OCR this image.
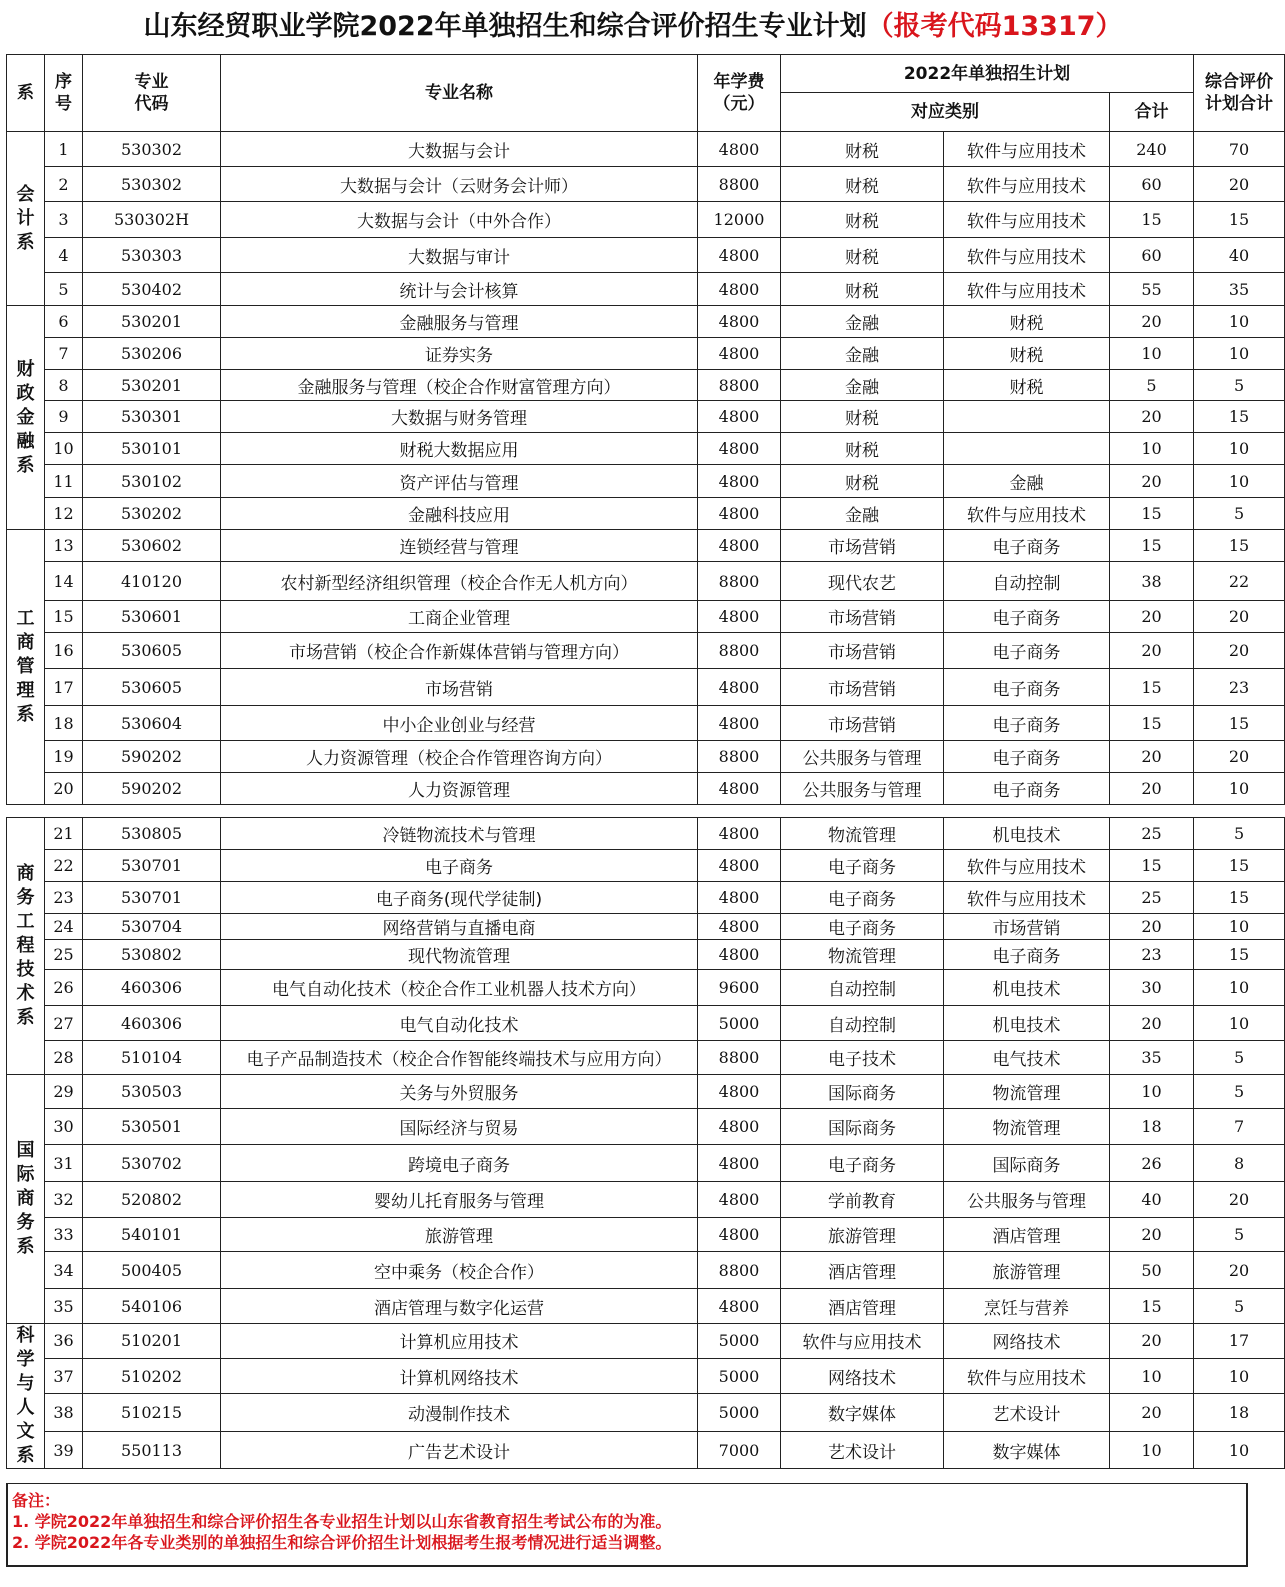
山东经贸职业学院2022年单独招生和综合评价招生专业计划（报考代码13317）
系	序号	专业代码	专业名称	年学费（元）	2022年单独招生计划			综合评价计划合计
					对应类别		合计	
会计系	1	530302	大数据与会计	4800	财税	软件与应用技术	240	70
	2	530302	大数据与会计（云财务会计师）	8800	财税	软件与应用技术	60	20
	3	530302H	大数据与会计（中外合作）	12000	财税	软件与应用技术	15	15
	4	530303	大数据与审计	4800	财税	软件与应用技术	60	40
	5	530402	统计与会计核算	4800	财税	软件与应用技术	55	35
财政金融系	6	530201	金融服务与管理	4800	金融	财税	20	10
	7	530206	证券实务	4800	金融	财税	10	10
	8	530201	金融服务与管理（校企合作财富管理方向）	8800	金融	财税	5	5
	9	530301	大数据与财务管理	4800	财税		20	15
	10	530101	财税大数据应用	4800	财税		10	10
	11	530102	资产评估与管理	4800	财税	金融	20	10
	12	530202	金融科技应用	4800	金融	软件与应用技术	15	5
工商管理系	13	530602	连锁经营与管理	4800	市场营销	电子商务	15	15
	14	410120	农村新型经济组织管理（校企合作无人机方向）	8800	现代农艺	自动控制	38	22
	15	530601	工商企业管理	4800	市场营销	电子商务	20	20
	16	530605	市场营销（校企合作新媒体营销与管理方向）	8800	市场营销	电子商务	20	20
	17	530605	市场营销	4800	市场营销	电子商务	15	23
	18	530604	中小企业创业与经营	4800	市场营销	电子商务	15	15
	19	590202	人力资源管理（校企合作管理咨询方向）	8800	公共服务与管理	电子商务	20	20
	20	590202	人力资源管理	4800	公共服务与管理	电子商务	20	10

商务工程技术系	21	530805	冷链物流技术与管理	4800	物流管理	机电技术	25	5
	22	530701	电子商务	4800	电子商务	软件与应用技术	15	15
	23	530701	电子商务(现代学徒制)	4800	电子商务	软件与应用技术	25	15
	24	530704	网络营销与直播电商	4800	电子商务	市场营销	20	10
	25	530802	现代物流管理	4800	物流管理	电子商务	23	15
	26	460306	电气自动化技术（校企合作工业机器人技术方向）	9600	自动控制	机电技术	30	10
	27	460306	电气自动化技术	5000	自动控制	机电技术	20	10
	28	510104	电子产品制造技术（校企合作智能终端技术与应用方向）	8800	电子技术	电气技术	35	5
国际商务系	29	530503	关务与外贸服务	4800	国际商务	物流管理	10	5
	30	530501	国际经济与贸易	4800	国际商务	物流管理	18	7
	31	530702	跨境电子商务	4800	电子商务	国际商务	26	8
	32	520802	婴幼儿托育服务与管理	4800	学前教育	公共服务与管理	40	20
	33	540101	旅游管理	4800	旅游管理	酒店管理	20	5
	34	500405	空中乘务（校企合作）	8800	酒店管理	旅游管理	50	20
	35	540106	酒店管理与数字化运营	4800	酒店管理	烹饪与营养	15	5
科学与人文系	36	510201	计算机应用技术	5000	软件与应用技术	网络技术	20	17
	37	510202	计算机网络技术	5000	网络技术	软件与应用技术	10	10
	38	510215	动漫制作技术	5000	数字媒体	艺术设计	20	18
	39	550113	广告艺术设计	7000	艺术设计	数字媒体	10	10
备注：
1. 学院2022年单独招生和综合评价招生各专业招生计划以山东省教育招生考试公布的为准。
2. 学院2022年各专业类别的单独招生和综合评价招生计划根据考生报考情况进行适当调整。
